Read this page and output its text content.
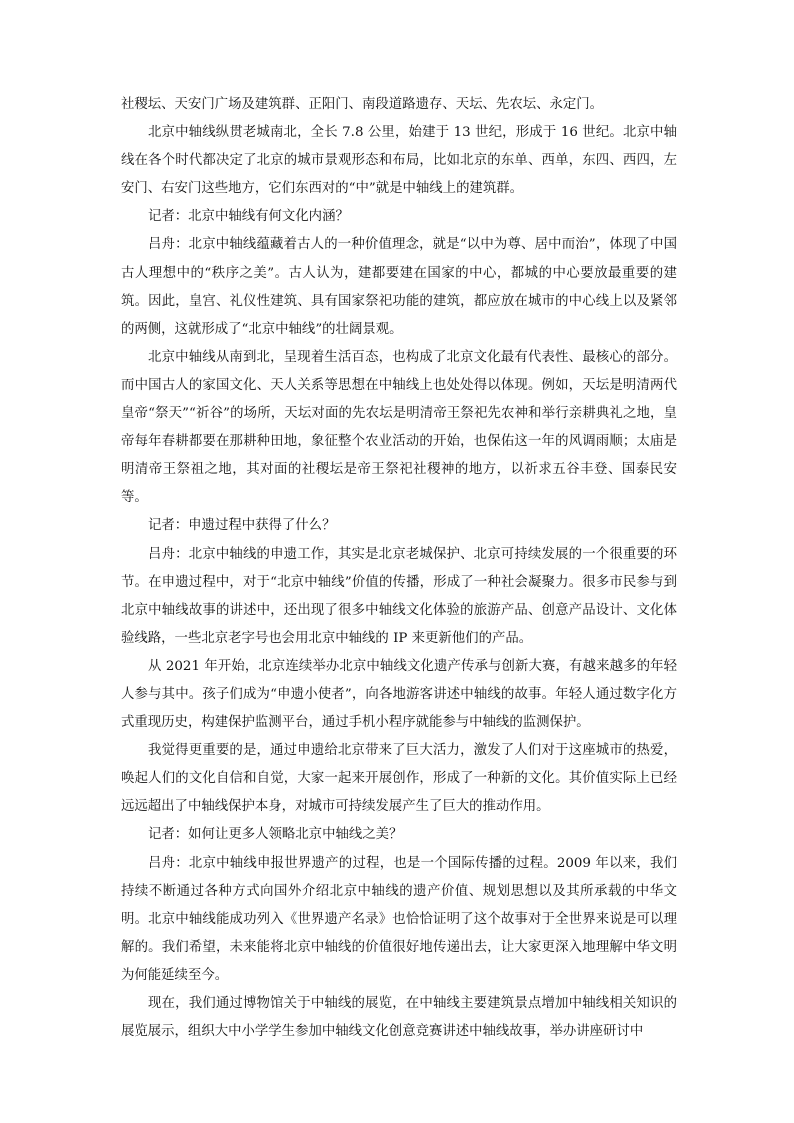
社稷坛、天安门广场及建筑群、正阳门、南段道路遗存、天坛、先农坛、永定门。

北京中轴线纵贯老城南北，全长 7.8 公里，始建于 13 世纪，形成于 16 世纪。北京中轴线在各个时代都决定了北京的城市景观形态和布局，比如北京的东单、西单，东四、西四，左安门、右安门这些地方，它们东西对的“中”就是中轴线上的建筑群。

记者：北京中轴线有何文化内涵？

吕舟：北京中轴线蕴藏着古人的一种价值理念，就是“以中为尊、居中而治”，体现了中国古人理想中的“秩序之美”。古人认为，建都要建在国家的中心，都城的中心要放最重要的建筑。因此，皇宫、礼仪性建筑、具有国家祭祀功能的建筑，都应放在城市的中心线上以及紧邻的两侧，这就形成了“北京中轴线”的壮阔景观。

北京中轴线从南到北，呈现着生活百态，也构成了北京文化最有代表性、最核心的部分。而中国古人的家国文化、天人关系等思想在中轴线上也处处得以体现。例如，天坛是明清两代皇帝“祭天”“祈谷”的场所，天坛对面的先农坛是明清帝王祭祀先农神和举行亲耕典礼之地，皇帝每年春耕都要在那耕种田地，象征整个农业活动的开始，也保佑这一年的风调雨顺；太庙是明清帝王祭祖之地，其对面的社稷坛是帝王祭祀社稷神的地方，以祈求五谷丰登、国泰民安等。

记者：申遗过程中获得了什么？

吕舟：北京中轴线的申遗工作，其实是北京老城保护、北京可持续发展的一个很重要的环节。在申遗过程中，对于“北京中轴线”价值的传播，形成了一种社会凝聚力。很多市民参与到北京中轴线故事的讲述中，还出现了很多中轴线文化体验的旅游产品、创意产品设计、文化体验线路，一些北京老字号也会用北京中轴线的 IP 来更新他们的产品。

从 2021 年开始，北京连续举办北京中轴线文化遗产传承与创新大赛，有越来越多的年轻人参与其中。孩子们成为“申遗小使者”，向各地游客讲述中轴线的故事。年轻人通过数字化方式重现历史，构建保护监测平台，通过手机小程序就能参与中轴线的监测保护。

我觉得更重要的是，通过申遗给北京带来了巨大活力，激发了人们对于这座城市的热爱，唤起人们的文化自信和自觉，大家一起来开展创作，形成了一种新的文化。其价值实际上已经远远超出了中轴线保护本身，对城市可持续发展产生了巨大的推动作用。

记者：如何让更多人领略北京中轴线之美？

吕舟：北京中轴线申报世界遗产的过程，也是一个国际传播的过程。2009 年以来，我们持续不断通过各种方式向国外介绍北京中轴线的遗产价值、规划思想以及其所承载的中华文明。北京中轴线能成功列入《世界遗产名录》也恰恰证明了这个故事对于全世界来说是可以理解的。我们希望，未来能将北京中轴线的价值很好地传递出去，让大家更深入地理解中华文明为何能延续至今。

现在，我们通过博物馆关于中轴线的展览，在中轴线主要建筑景点增加中轴线相关知识的展览展示，组织大中小学学生参加中轴线文化创意竞赛讲述中轴线故事，举办讲座研讨中
